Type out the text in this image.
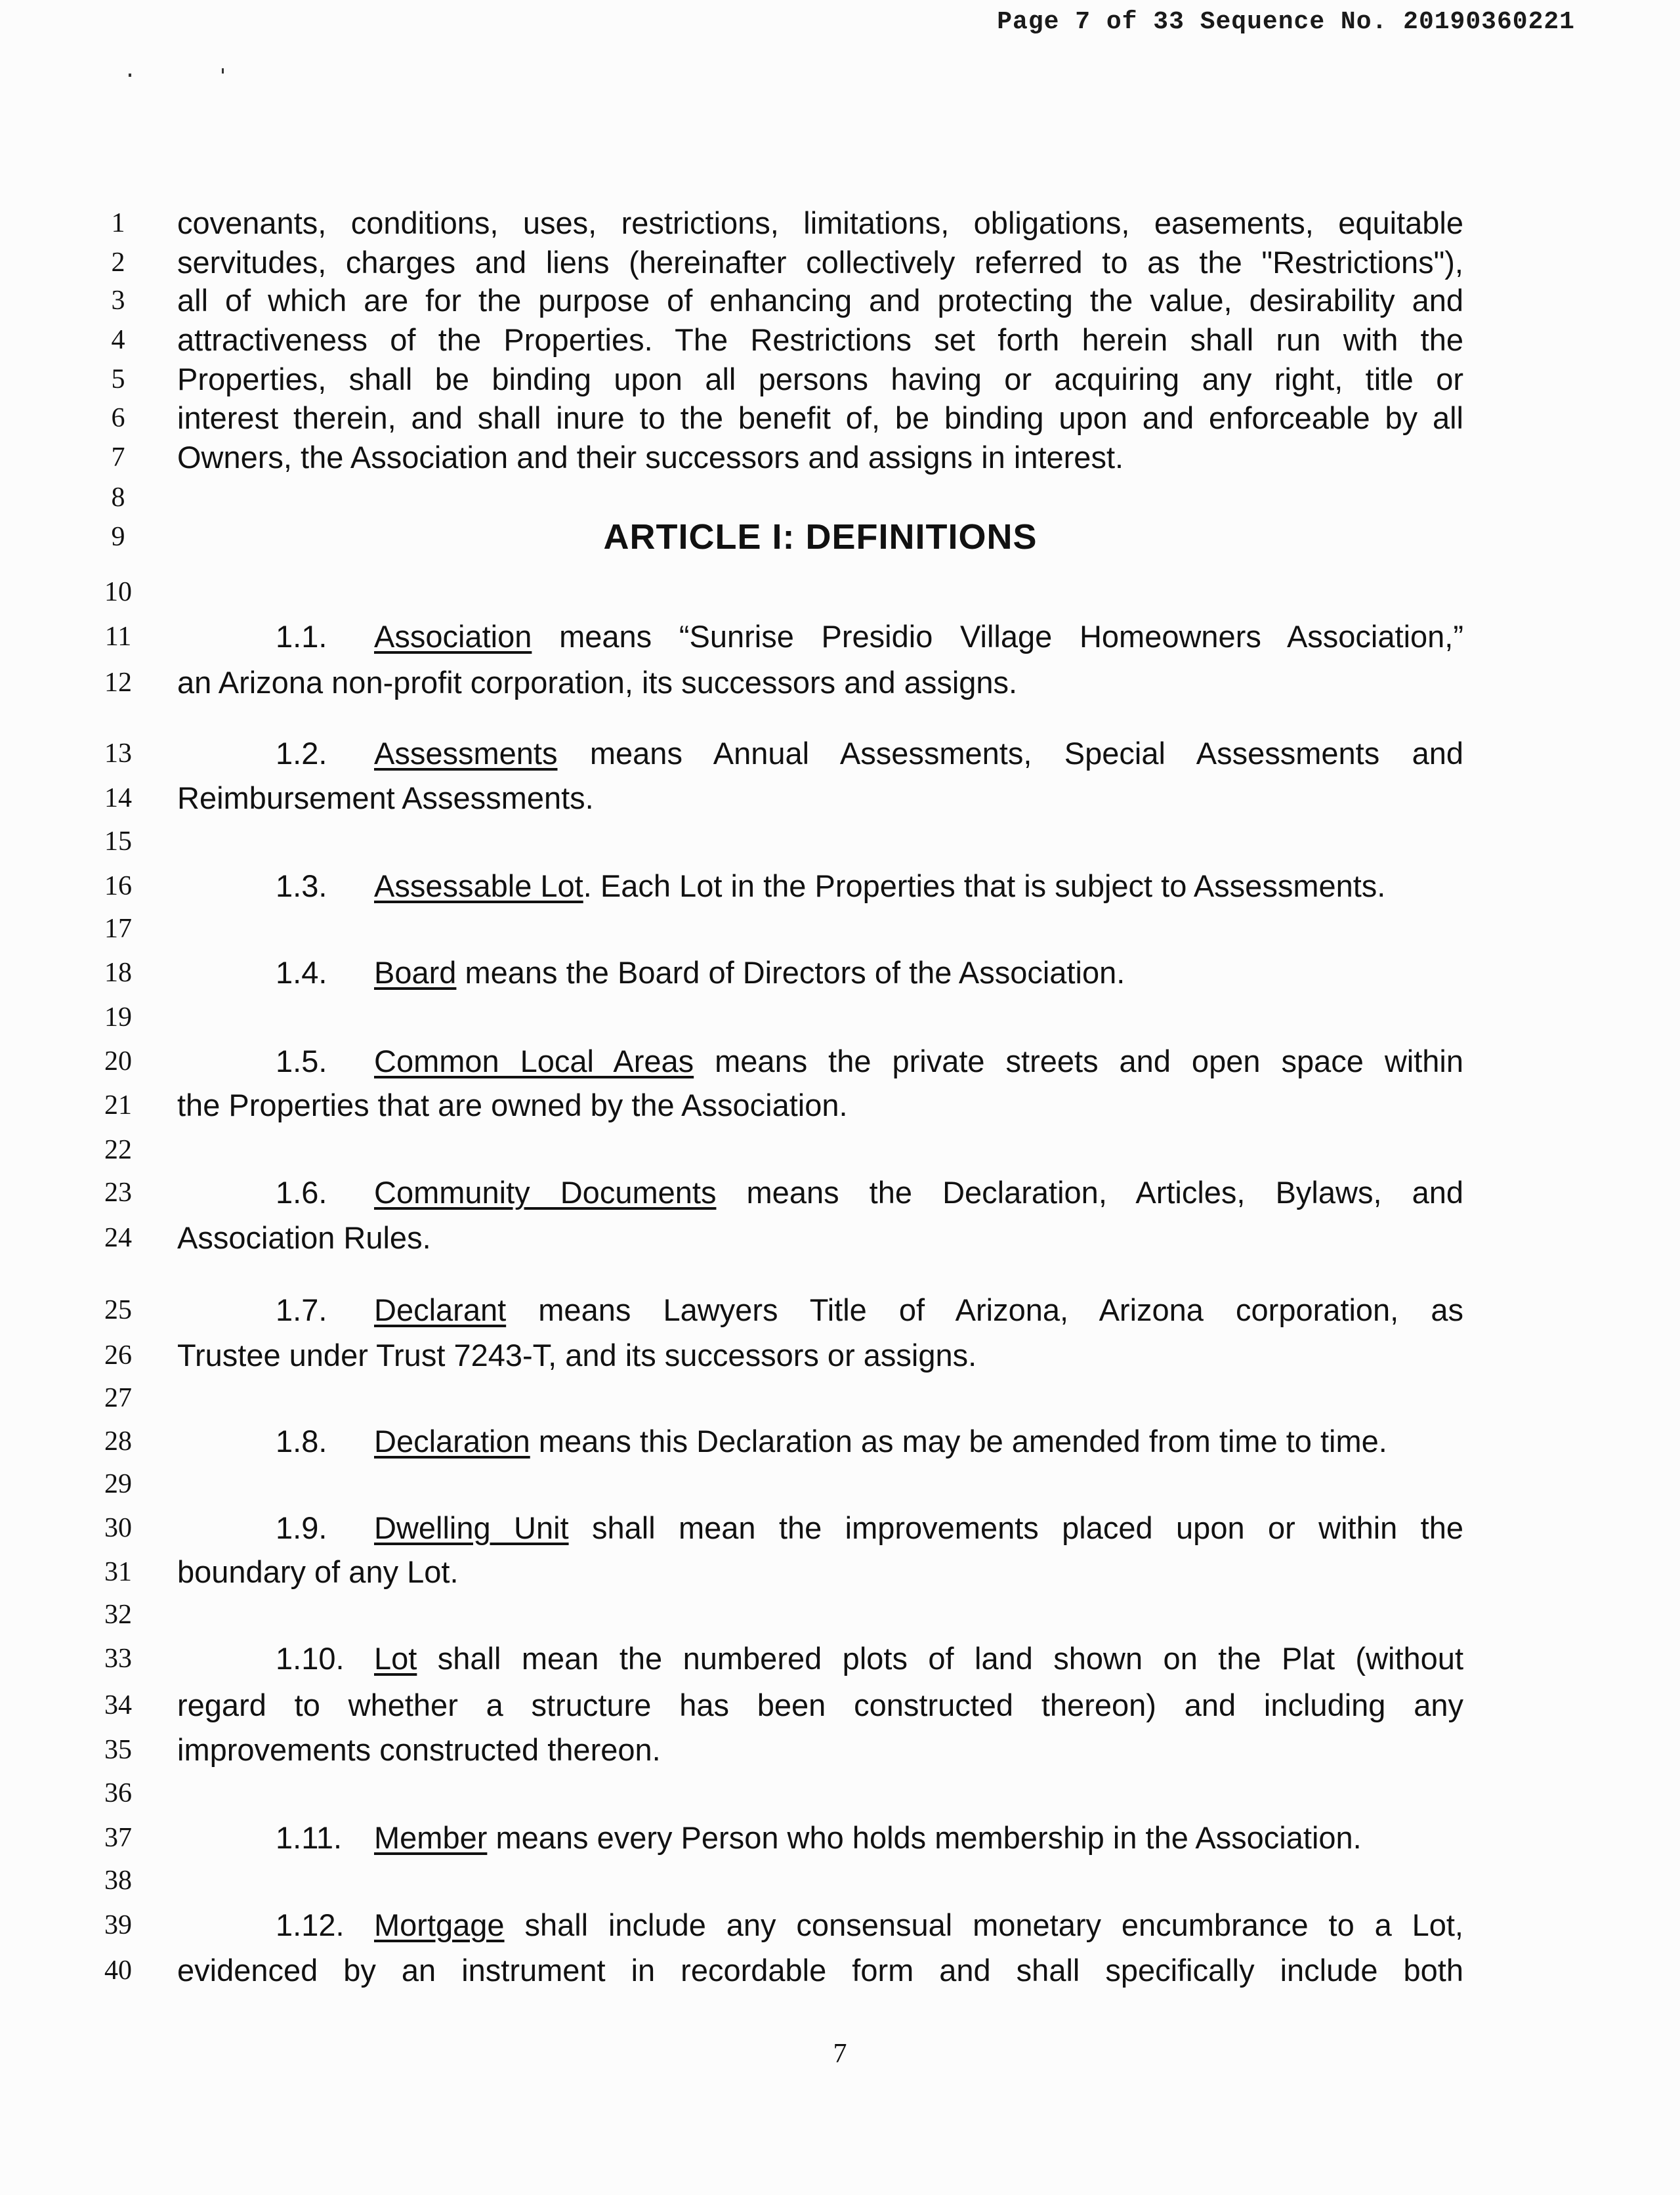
Page 7 of 33 Sequence No. 20190360221
1	covenants, conditions, uses, restrictions, limitations, obligations, easements, equitable
2	servitudes, charges and liens (hereinafter collectively referred to as the "Restrictions"),
3	all of which are for the purpose of enhancing and protecting the value, desirability and
4	attractiveness of the Properties. The Restrictions set forth herein shall run with the
5	Properties, shall be binding upon all persons having or acquiring any right, title or
6	interest therein, and shall inure to the benefit of, be binding upon and enforceable by all
7	Owners, the Association and their successors and assigns in interest.
8
9	ARTICLE I: DEFINITIONS
10
11	1.1. Association means “Sunrise Presidio Village Homeowners Association,”
12	an Arizona non-profit corporation, its successors and assigns.
13	1.2. Assessments means Annual Assessments, Special Assessments and
14	Reimbursement Assessments.
15
16	1.3. Assessable Lot. Each Lot in the Properties that is subject to Assessments.
17
18	1.4. Board means the Board of Directors of the Association.
19
20	1.5. Common Local Areas means the private streets and open space within
21	the Properties that are owned by the Association.
22
23	1.6. Community Documents means the Declaration, Articles, Bylaws, and
24	Association Rules.
25	1.7. Declarant means Lawyers Title of Arizona, Arizona corporation, as
26	Trustee under Trust 7243-T, and its successors or assigns.
27
28	1.8. Declaration means this Declaration as may be amended from time to time.
29
30	1.9. Dwelling Unit shall mean the improvements placed upon or within the
31	boundary of any Lot.
32
33	1.10. Lot shall mean the numbered plots of land shown on the Plat (without
34	regard to whether a structure has been constructed thereon) and including any
35	improvements constructed thereon.
36
37	1.11. Member means every Person who holds membership in the Association.
38
39	1.12. Mortgage shall include any consensual monetary encumbrance to a Lot,
40	evidenced by an instrument in recordable form and shall specifically include both
7
